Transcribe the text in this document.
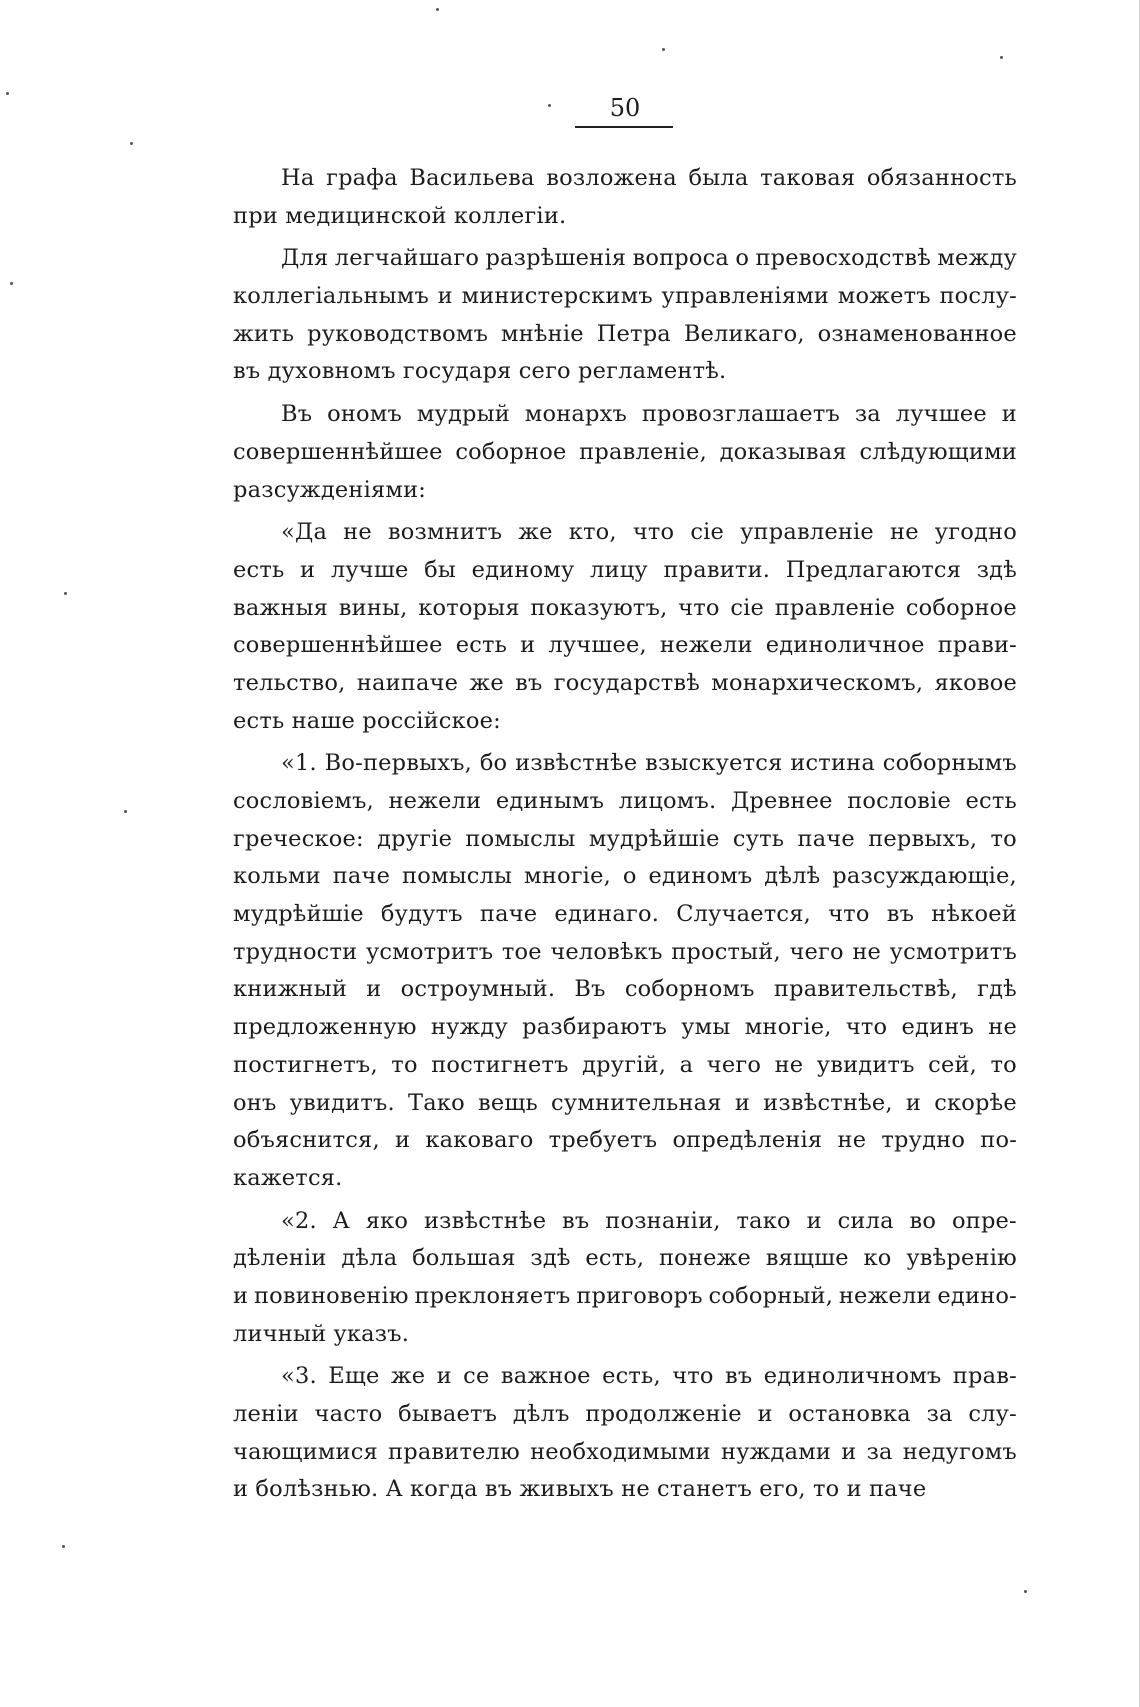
50
На графа Васильева возложена была таковая обязанность
при медицинской коллегіи.
Для легчайшаго разрѣшенія вопроса о превосходствѣ между
коллегіальнымъ и министерскимъ управленіями можетъ послу-
жить руководствомъ мнѣніе Петра Великаго, ознаменованное
въ духовномъ государя сего регламентѣ.
Въ ономъ мудрый монархъ провозглашаетъ за лучшее и
совершеннѣйшее соборное правленіе, доказывая слѣдующими
разсужденіями:
«Да не возмнитъ же кто, что сіе управленіе не угодно
есть и лучше бы единому лицу правити. Предлагаются здѣ
важныя вины, которыя показуютъ, что сіе правленіе соборное
совершеннѣйшее есть и лучшее, нежели единоличное прави-
тельство, наипаче же въ государствѣ монархическомъ, яковое
есть наше россійское:
«1. Во-первыхъ, бо извѣстнѣе взыскуется истина соборнымъ
сословіемъ, нежели единымъ лицомъ. Древнее пословіе есть
греческое: другіе помыслы мудрѣйшіе суть паче первыхъ, то
кольми паче помыслы многіе, о единомъ дѣлѣ разсуждающіе,
мудрѣйшіе будутъ паче единаго. Случается, что въ нѣкоей
трудности усмотритъ тое человѣкъ простый, чего не усмотритъ
книжный и остроумный. Въ соборномъ правительствѣ, гдѣ
предложенную нужду разбираютъ умы многіе, что единъ не
постигнетъ, то постигнетъ другій, а чего не увидитъ сей, то
онъ увидитъ. Тако вещь сумнительная и извѣстнѣе, и скорѣе
объяснится, и каковаго требуетъ опредѣленія не трудно по-
кажется.
«2. А яко извѣстнѣе въ познаніи, тако и сила во опре-
дѣленіи дѣла большая здѣ есть, понеже вящше ко увѣренію
и повиновенію преклоняетъ приговоръ соборный, нежели едино-
личный указъ.
«3. Еще же и се важное есть, что въ единоличномъ прав-
леніи часто бываетъ дѣлъ продолженіе и остановка за слу-
чающимися правителю необходимыми нуждами и за недугомъ
и болѣзнью. А когда въ живыхъ не станетъ его, то и паче
